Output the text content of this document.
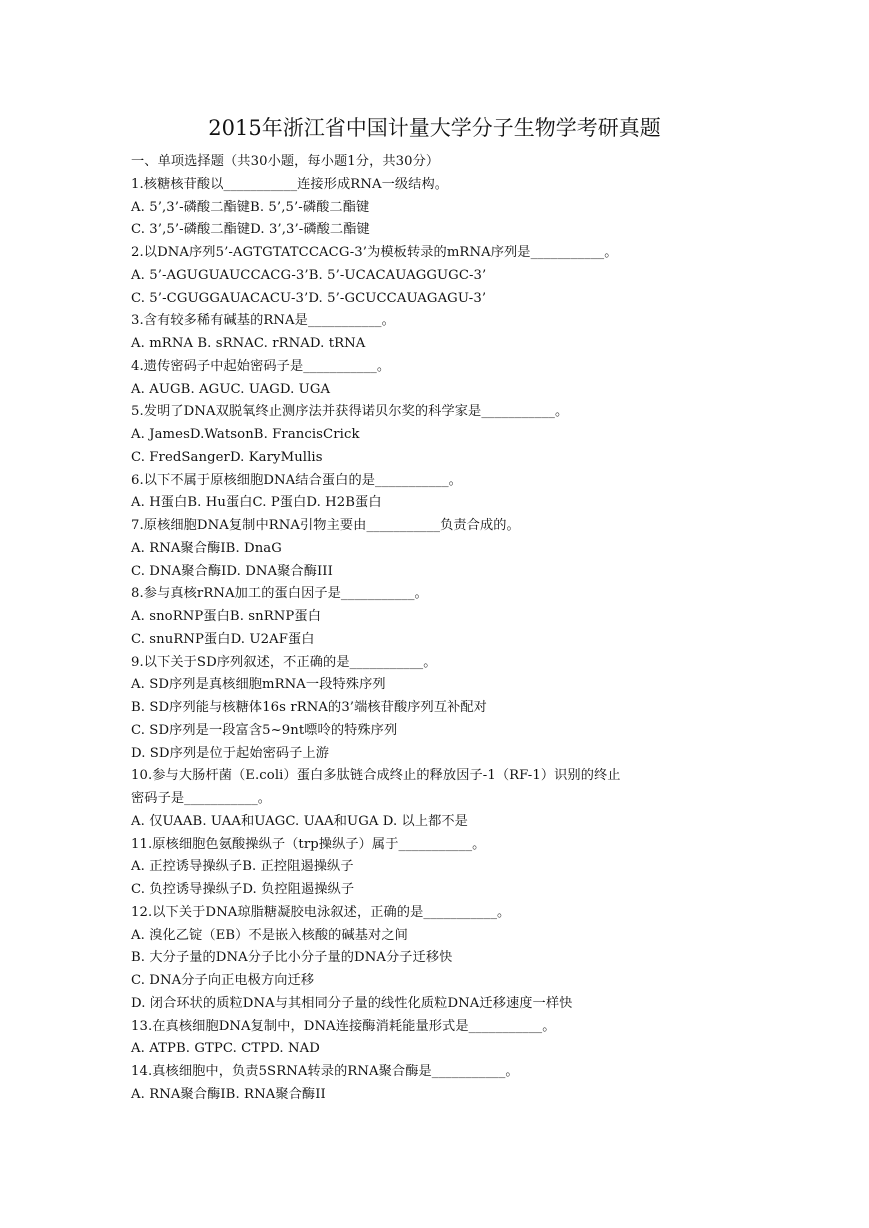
2015年浙江省中国计量大学分子生物学考研真题
一、单项选择题（共30小题，每小题1分，共30分）
1.核糖核苷酸以___________连接形成RNA一级结构。
A. 5’,3’-磷酸二酯键B. 5’,5’-磷酸二酯键
C. 3’,5’-磷酸二酯键D. 3’,3’-磷酸二酯键
2.以DNA序列5’-AGTGTATCCACG-3’为模板转录的mRNA序列是___________。
A. 5’-AGUGUAUCCACG-3’B. 5’-UCACAUAGGUGC-3’
C. 5’-CGUGGAUACACU-3’D. 5’-GCUCCAUAGAGU-3’
3.含有较多稀有碱基的RNA是___________。
A. mRNA B. sRNAC. rRNAD. tRNA
4.遗传密码子中起始密码子是___________。
A. AUGB. AGUC. UAGD. UGA
5.发明了DNA双脱氧终止测序法并获得诺贝尔奖的科学家是___________。
A. JamesD.WatsonB. FrancisCrick
C. FredSangerD. KaryMullis
6.以下不属于原核细胞DNA结合蛋白的是___________。
A. H蛋白B. Hu蛋白C. P蛋白D. H2B蛋白
7.原核细胞DNA复制中RNA引物主要由___________负责合成的。
A. RNA聚合酶IB. DnaG
C. DNA聚合酶ID. DNA聚合酶III
8.参与真核rRNA加工的蛋白因子是___________。
A. snoRNP蛋白B. snRNP蛋白
C. snuRNP蛋白D. U2AF蛋白
9.以下关于SD序列叙述，不正确的是___________。
A. SD序列是真核细胞mRNA一段特殊序列
B. SD序列能与核糖体16s rRNA的3’端核苷酸序列互补配对
C. SD序列是一段富含5~9nt嘌呤的特殊序列
D. SD序列是位于起始密码子上游
10.参与大肠杆菌（E.coli）蛋白多肽链合成终止的释放因子-1（RF-1）识别的终止
密码子是___________。
A. 仅UAAB. UAA和UAGC. UAA和UGA D. 以上都不是
11.原核细胞色氨酸操纵子（trp操纵子）属于___________。
A. 正控诱导操纵子B. 正控阻遏操纵子
C. 负控诱导操纵子D. 负控阻遏操纵子
12.以下关于DNA琼脂糖凝胶电泳叙述，正确的是___________。
A. 溴化乙锭（EB）不是嵌入核酸的碱基对之间
B. 大分子量的DNA分子比小分子量的DNA分子迁移快
C. DNA分子向正电极方向迁移
D. 闭合环状的质粒DNA与其相同分子量的线性化质粒DNA迁移速度一样快
13.在真核细胞DNA复制中，DNA连接酶消耗能量形式是___________。
A. ATPB. GTPC. CTPD. NAD
14.真核细胞中，负责5SRNA转录的RNA聚合酶是___________。
A. RNA聚合酶IB. RNA聚合酶II
